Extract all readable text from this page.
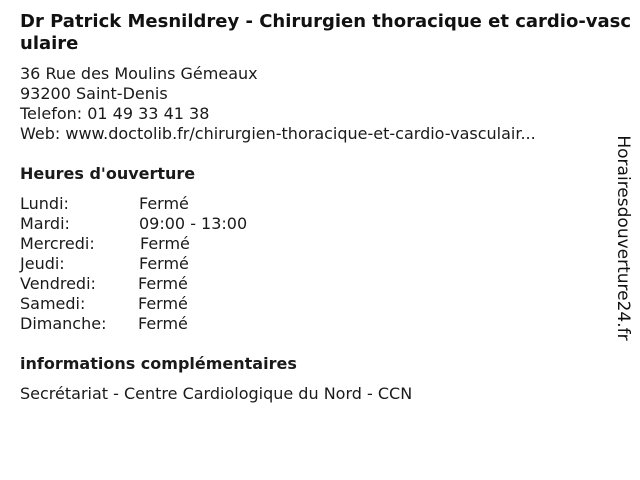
Dr Patrick Mesnildrey - Chirurgien thoracique et cardio-vasculaire
36 Rue des Moulins Gémeaux
93200 Saint-Denis
Telefon: 01 49 33 41 38
Web: www.doctolib.fr/chirurgien-thoracique-et-cardio-vasculair...
Heures d'ouverture
Lundi:	Fermé
Mardi:	09:00 - 13:00
Mercredi:	Fermé
Jeudi:	Fermé
Vendredi:	Fermé
Samedi:	Fermé
Dimanche: Fermé
informations complémentaires
Secrétariat - Centre Cardiologique du Nord - CCN
Horairesdouverture24.fr
